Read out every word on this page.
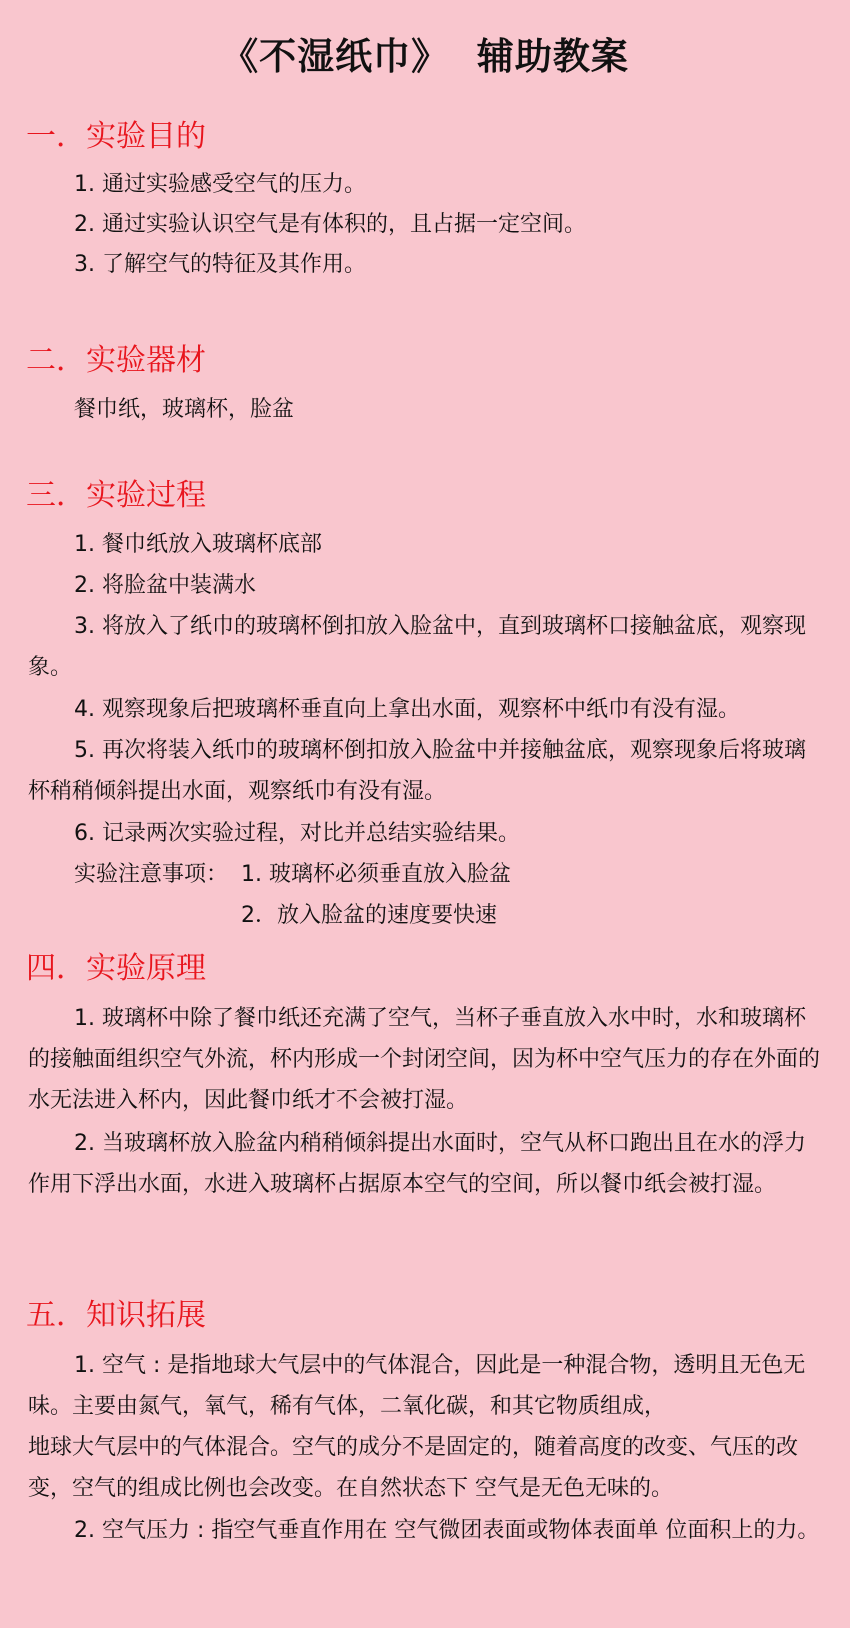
《不湿纸巾》  辅助教案
一．实验目的
1. 通过实验感受空气的压力。
2. 通过实验认识空气是有体积的，且占据一定空间。
3. 了解空气的特征及其作用。
二．实验器材
餐巾纸，玻璃杯，脸盆
三．实验过程
1. 餐巾纸放入玻璃杯底部
2. 将脸盆中装满水
3. 将放入了纸巾的玻璃杯倒扣放入脸盆中，直到玻璃杯口接触盆底，观察现象。
4. 观察现象后把玻璃杯垂直向上拿出水面，观察杯中纸巾有没有湿。
5. 再次将装入纸巾的玻璃杯倒扣放入脸盆中并接触盆底，观察现象后将玻璃杯稍稍倾斜提出水面，观察纸巾有没有湿。
6. 记录两次实验过程，对比并总结实验结果。
实验注意事项： 1. 玻璃杯必须垂直放入脸盆
2．放入脸盆的速度要快速
四．实验原理
1. 玻璃杯中除了餐巾纸还充满了空气，当杯子垂直放入水中时，水和玻璃杯的接触面组织空气外流，杯内形成一个封闭空间，因为杯中空气压力的存在外面的水无法进入杯内，因此餐巾纸才不会被打湿。
2. 当玻璃杯放入脸盆内稍稍倾斜提出水面时，空气从杯口跑出且在水的浮力作用下浮出水面，水进入玻璃杯占据原本空气的空间，所以餐巾纸会被打湿。
五．知识拓展
1. 空气 : 是指地球大气层中的气体混合，因此是一种混合物，透明且无色无味。主要由氮气，氧气，稀有气体，二氧化碳，和其它物质组成，
地球大气层中的气体混合。空气的成分不是固定的，随着高度的改变、气压的改变，空气的组成比例也会改变。在自然状态下 空气是无色无味的。
2. 空气压力 : 指空气垂直作用在 空气微团表面或物体表面单 位面积上的力。
